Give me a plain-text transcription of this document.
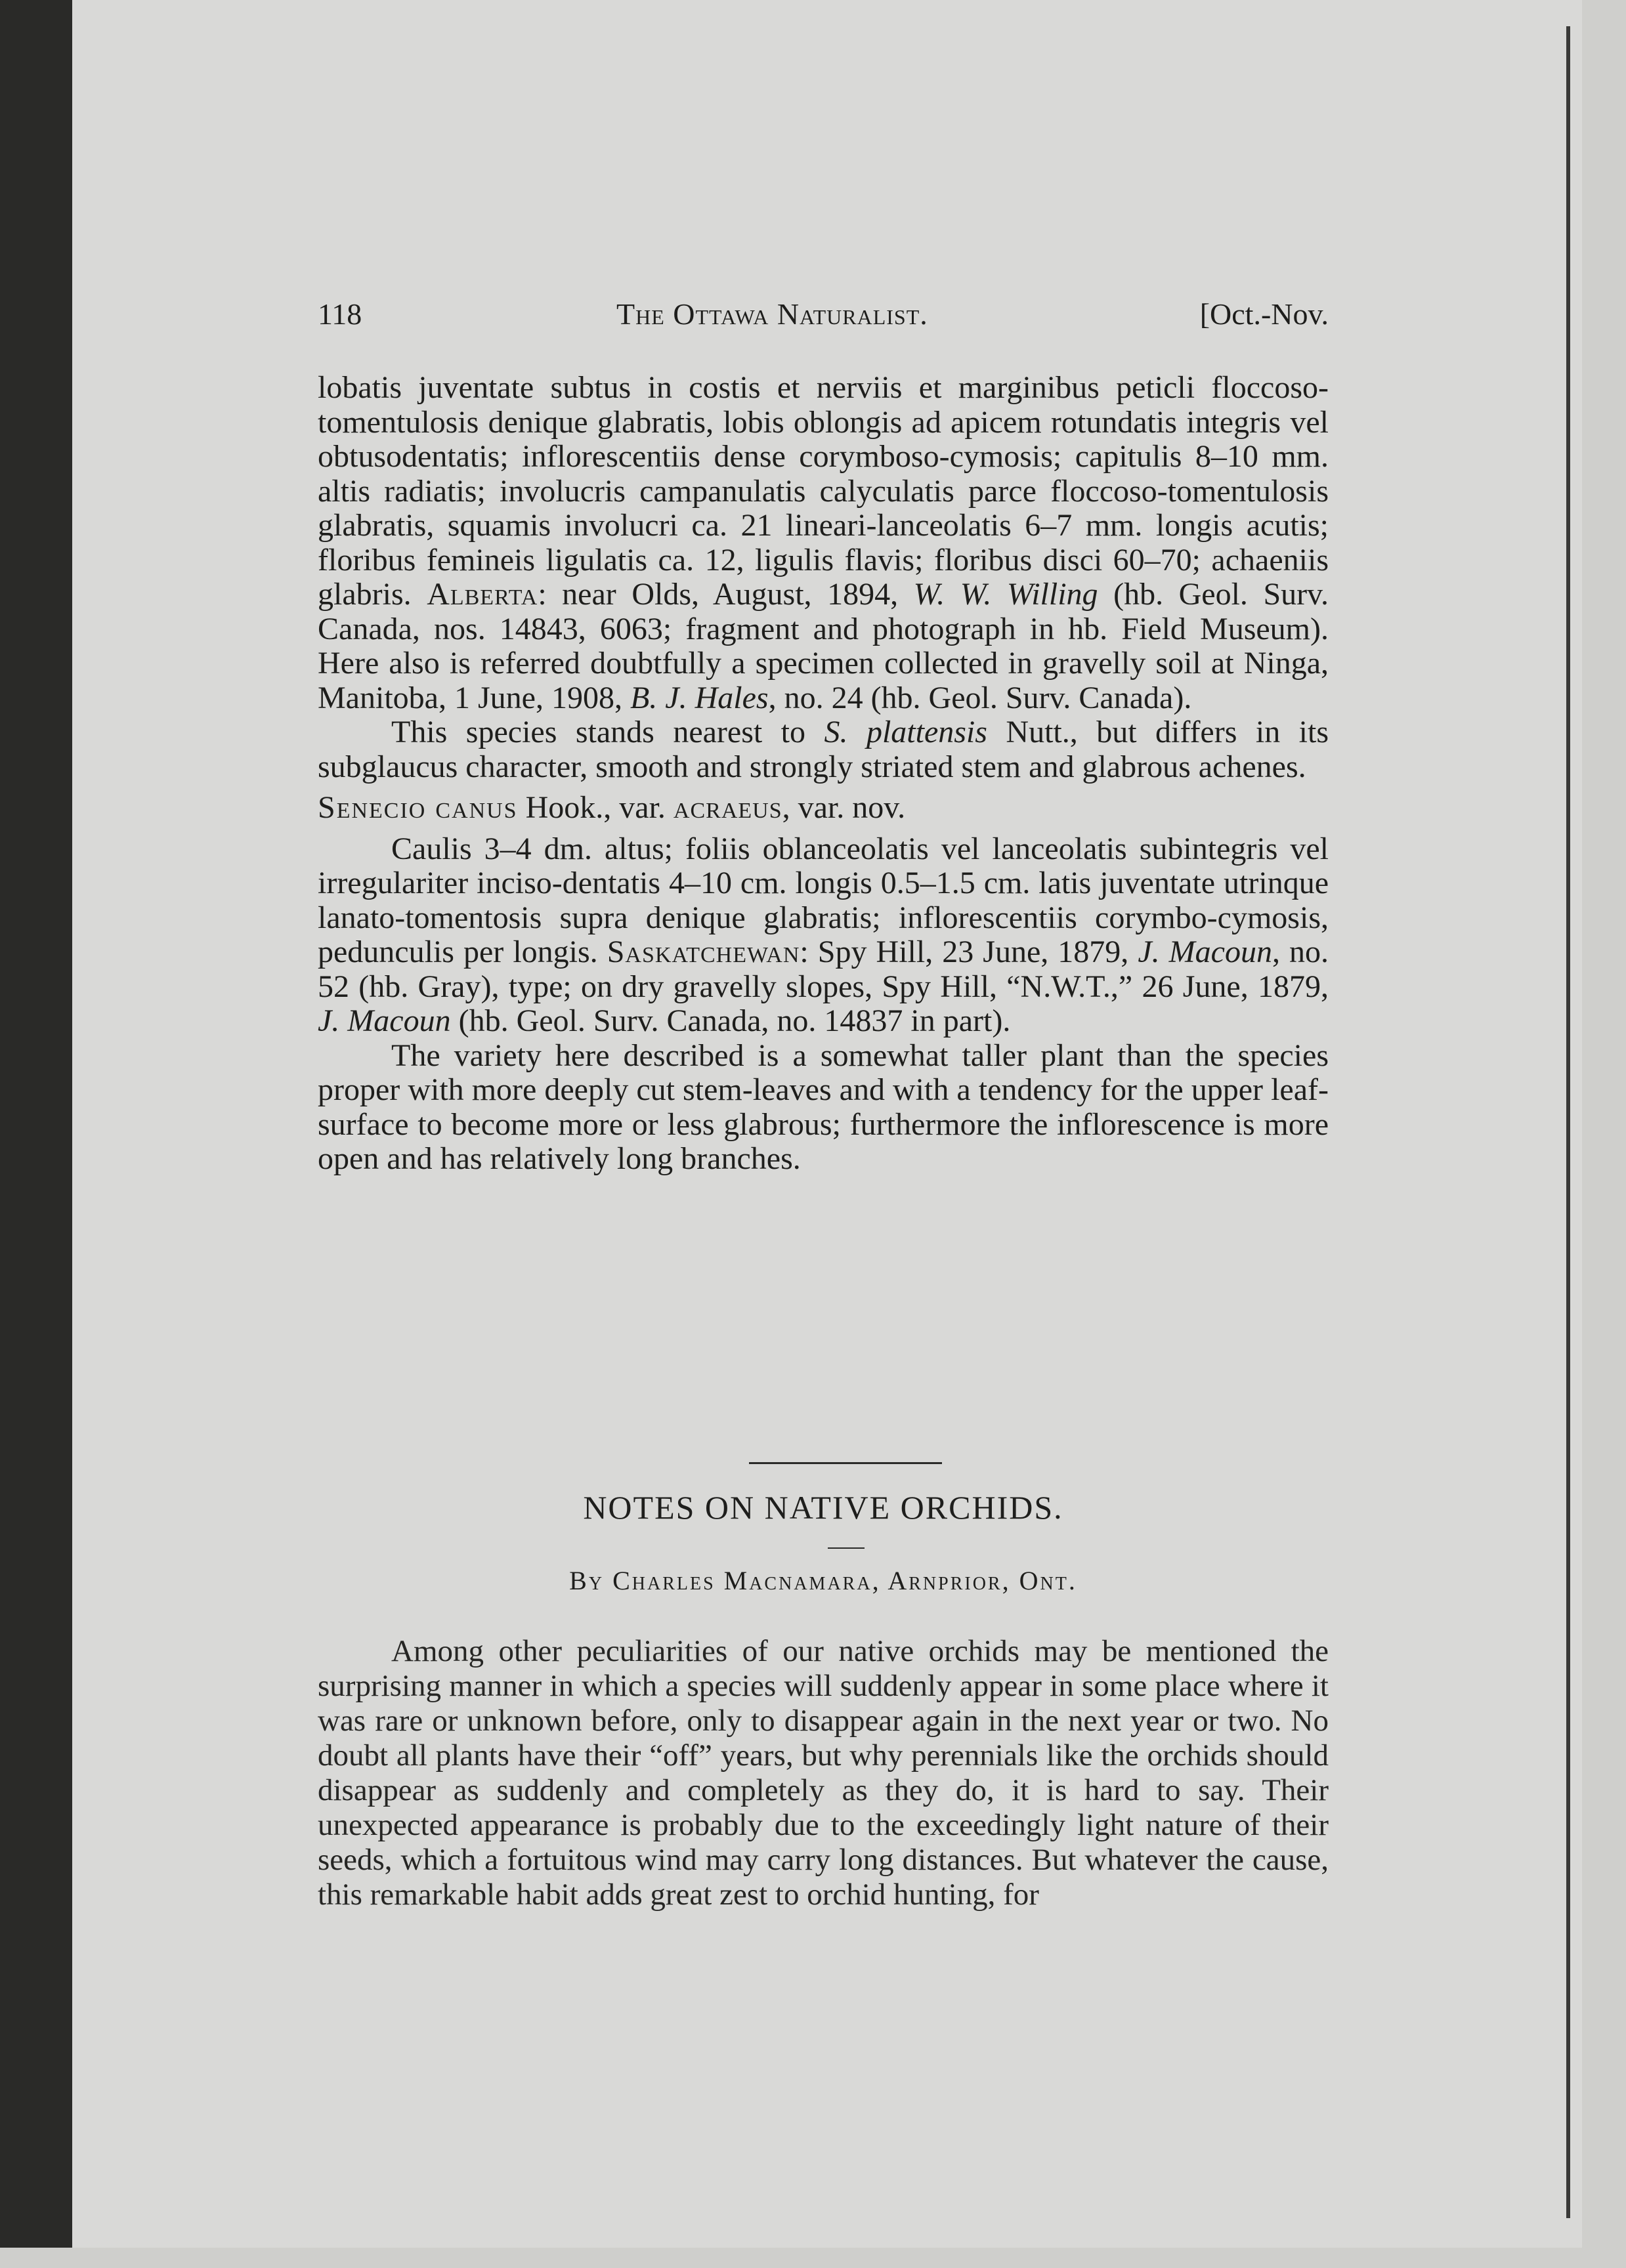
118	The Ottawa Naturalist.	[Oct.-Nov.

lobatis juventate subtus in costis et nerviis et marginibus peticli floccoso-tomentulosis denique glabratis, lobis oblongis ad apicem rotundatis integris vel obtusodentatis; inflorescentiis dense corymboso-cymosis; capitulis 8–10 mm. altis radiatis; involucris campanulatis calyculatis parce floccoso-tomentulosis glabratis, squamis involucri ca. 21 lineari-lanceolatis 6–7 mm. longis acutis; floribus femineis ligulatis ca. 12, ligulis flavis; floribus disci 60–70; achaeniis glabris. Alberta: near Olds, August, 1894, W. W. Willing (hb. Geol. Surv. Canada, nos. 14843, 6063; fragment and photograph in hb. Field Museum). Here also is referred doubtfully a specimen collected in gravelly soil at Ninga, Manitoba, 1 June, 1908, B. J. Hales, no. 24 (hb. Geol. Surv. Canada).

This species stands nearest to S. plattensis Nutt., but differs in its subglaucus character, smooth and strongly striated stem and glabrous achenes.

Senecio canus Hook., var. acraeus, var. nov.

Caulis 3–4 dm. altus; foliis oblanceolatis vel lanceolatis subintegris vel irregulariter inciso-dentatis 4–10 cm. longis 0.5–1.5 cm. latis juventate utrinque lanato-tomentosis supra denique glabratis; inflorescentiis corymbo-cymosis, pedunculis per longis. Saskatchewan: Spy Hill, 23 June, 1879, J. Macoun, no. 52 (hb. Gray), type; on dry gravelly slopes, Spy Hill, “N.W.T.,” 26 June, 1879, J. Macoun (hb. Geol. Surv. Canada, no. 14837 in part).

The variety here described is a somewhat taller plant than the species proper with more deeply cut stem-leaves and with a tendency for the upper leaf-surface to become more or less glabrous; furthermore the inflorescence is more open and has relatively long branches.

NOTES ON NATIVE ORCHIDS.
By Charles Macnamara, Arnprior, Ont.

Among other peculiarities of our native orchids may be mentioned the surprising manner in which a species will suddenly appear in some place where it was rare or unknown before, only to disappear again in the next year or two. No doubt all plants have their “off” years, but why perennials like the orchids should disappear as suddenly and completely as they do, it is hard to say. Their unexpected appearance is probably due to the exceedingly light nature of their seeds, which a fortuitous wind may carry long distances. But whatever the cause, this remarkable habit adds great zest to orchid hunting, for
